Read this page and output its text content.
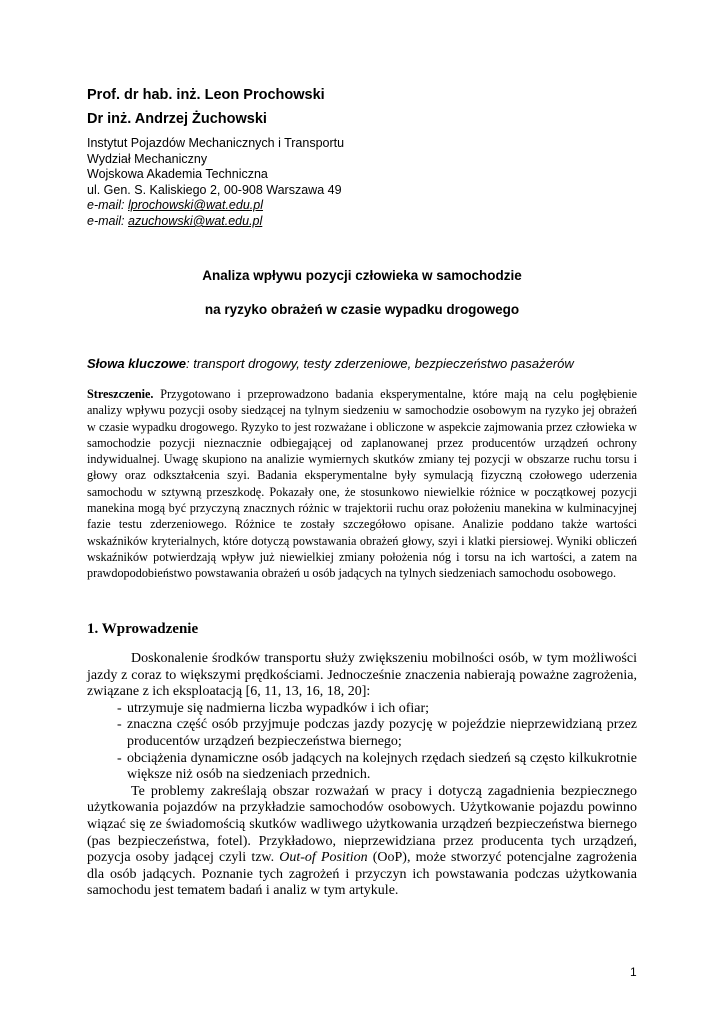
Prof. dr hab. inż. Leon Prochowski
Dr inż. Andrzej Żuchowski
Instytut Pojazdów Mechanicznych i Transportu
Wydział Mechaniczny
Wojskowa Akademia Techniczna
ul. Gen. S. Kaliskiego 2, 00-908 Warszawa 49
e-mail: lprochowski@wat.edu.pl
e-mail: azuchowski@wat.edu.pl
Analiza wpływu pozycji człowieka w samochodzie
na ryzyko obrażeń w czasie wypadku drogowego
Słowa kluczowe: transport drogowy, testy zderzeniowe, bezpieczeństwo pasażerów
Streszczenie. Przygotowano i przeprowadzono badania eksperymentalne, które mają na celu pogłębienie analizy wpływu pozycji osoby siedzącej na tylnym siedzeniu w samochodzie osobowym na ryzyko jej obrażeń w czasie wypadku drogowego. Ryzyko to jest rozważane i obliczone w aspekcie zajmowania przez człowieka w samochodzie pozycji nieznacznie odbiegającej od zaplanowanej przez producentów urządzeń ochrony indywidualnej. Uwagę skupiono na analizie wymiernych skutków zmiany tej pozycji w obszarze ruchu torsu i głowy oraz odkształcenia szyi. Badania eksperymentalne były symulacją fizyczną czołowego uderzenia samochodu w sztywną przeszkodę. Pokazały one, że stosunkowo niewielkie różnice w początkowej pozycji manekina mogą być przyczyną znacznych różnic w trajektorii ruchu oraz położeniu manekina w kulminacyjnej fazie testu zderzeniowego. Różnice te zostały szczegółowo opisane. Analizie poddano także wartości wskaźników kryterialnych, które dotyczą powstawania obrażeń głowy, szyi i klatki piersiowej. Wyniki obliczeń wskaźników potwierdzają wpływ już niewielkiej zmiany położenia nóg i torsu na ich wartości, a zatem na prawdopodobieństwo powstawania obrażeń u osób jadących na tylnych siedzeniach samochodu osobowego.
1. Wprowadzenie

Doskonalenie środków transportu służy zwiększeniu mobilności osób, w tym możliwości jazdy z coraz to większymi prędkościami. Jednocześnie znaczenia nabierają poważne zagrożenia, związane z ich eksploatacją [6, 11, 13, 16, 18, 20]:

- utrzymuje się nadmierna liczba wypadków i ich ofiar;
- znaczna część osób przyjmuje podczas jazdy pozycję w pojeździe nieprzewidzianą przez producentów urządzeń bezpieczeństwa biernego;
- obciążenia dynamiczne osób jadących na kolejnych rzędach siedzeń są często kilkukrotnie większe niż osób na siedzeniach przednich.

Te problemy zakreślają obszar rozważań w pracy i dotyczą zagadnienia bezpiecznego użytkowania pojazdów na przykładzie samochodów osobowych. Użytkowanie pojazdu powinno wiązać się ze świadomością skutków wadliwego użytkowania urządzeń bezpieczeństwa biernego (pas bezpieczeństwa, fotel). Przykładowo, nieprzewidziana przez producenta tych urządzeń, pozycja osoby jadącej czyli tzw. Out-of Position (OoP), może stworzyć potencjalne zagrożenia dla osób jadących. Poznanie tych zagrożeń i przyczyn ich powstawania podczas użytkowania samochodu jest tematem badań i analiz w tym artykule.

1
